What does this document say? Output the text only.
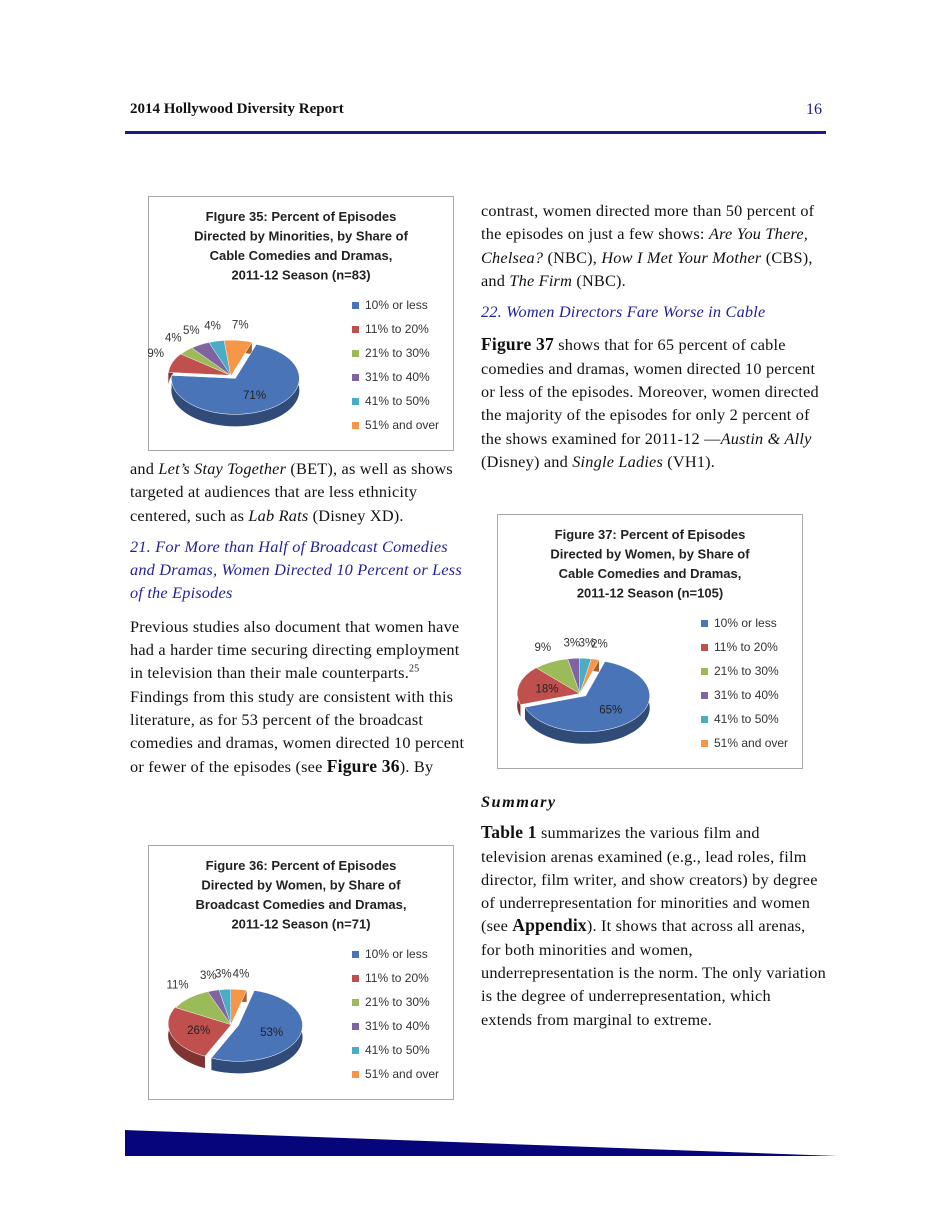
2014 Hollywood Diversity Report	16
FIgure 35: Percent of Episodes
Directed by Minorities, by Share of
Cable Comedies and Dramas,
2011-12 Season (n=83)
10% or less
11% to 20%
21% to 30%
31% to 40%
41% to 50%
51% and over
71%
9%
4%
5% 4% 7%

and Let’s Stay Together (BET), as well as shows targeted at audiences that are less ethnicity centered, such as Lab Rats (Disney XD).

21. For More than Half of Broadcast Comedies and Dramas, Women Directed 10 Percent or Less of the Episodes

Previous studies also document that women have had a harder time securing directing employment in television than their male counterparts.$^{25}$ Findings from this study are consistent with this literature, as for 53 percent of the broadcast comedies and dramas, women directed 10 percent or fewer of the episodes (see Figure 36). By

Figure 36: Percent of Episodes
Directed by Women, by Share of
Broadcast Comedies and Dramas,
2011-12 Season (n=71)
10% or less
11% to 20%
21% to 30%
31% to 40%
41% to 50%
51% and over
53%
26%
11%
3%
3% 4%

contrast, women directed more than 50 percent of the episodes on just a few shows: Are You There, Chelsea? (NBC), How I Met Your Mother (CBS), and The Firm (NBC).

22. Women Directors Fare Worse in Cable

Figure 37 shows that for 65 percent of cable comedies and dramas, women directed 10 percent or less of the episodes. Moreover, women directed the majority of the episodes for only 2 percent of the shows examined for 2011-12 —Austin & Ally (Disney) and Single Ladies (VH1).

Figure 37: Percent of Episodes
Directed by Women, by Share of
Cable Comedies and Dramas,
2011-12 Season (n=105)
10% or less
11% to 20%
21% to 30%
31% to 40%
41% to 50%
51% and over
65%
18%
9% 3%
3%
2%

Summary

Table 1 summarizes the various film and television arenas examined (e.g., lead roles, film director, film writer, and show creators) by degree of underrepresentation for minorities and women (see Appendix). It shows that across all arenas, for both minorities and women, underrepresentation is the norm. The only variation is the degree of underrepresentation, which extends from marginal to extreme.
